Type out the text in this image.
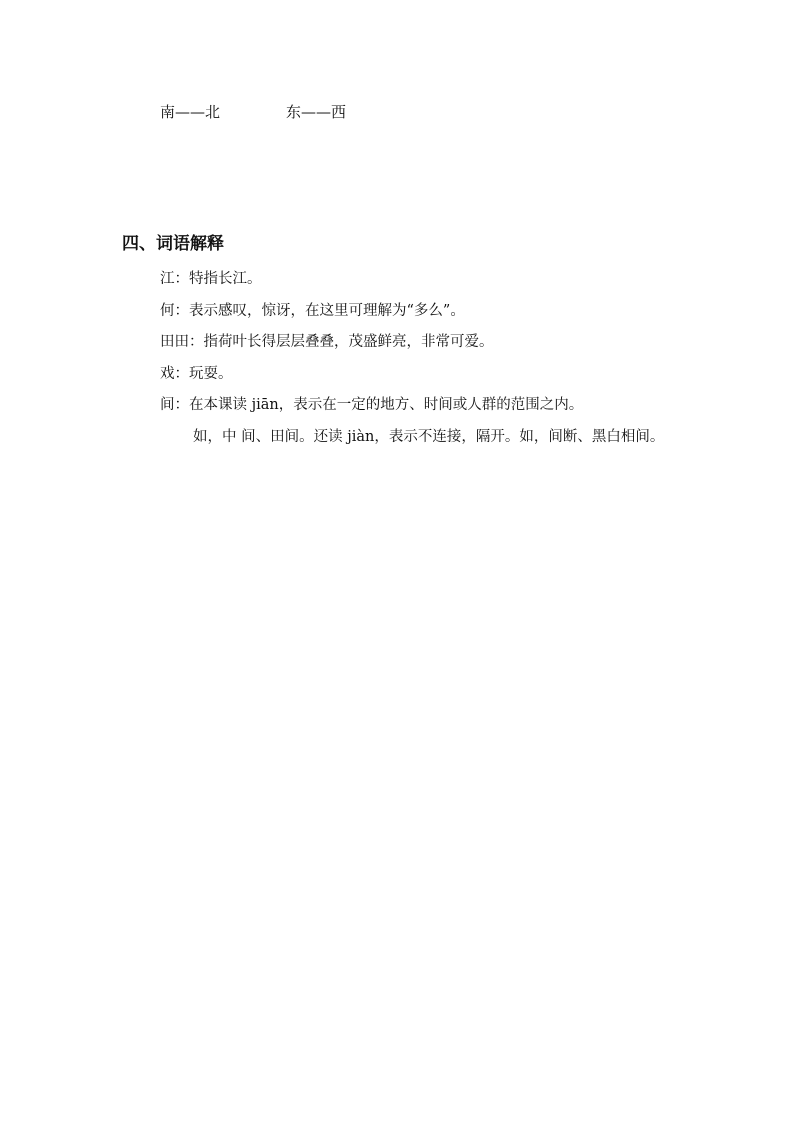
南——北	东——西
四、词语解释
江：特指长江。
何：表示感叹，惊讶，在这里可理解为“多么”。
田田：指荷叶长得层层叠叠，茂盛鲜亮，非常可爱。
戏：玩耍。
间：在本课读 jiān，表示在一定的地方、时间或人群的范围之内。
如，中 间、田间。还读 jiàn，表示不连接，隔开。如，间断、黑白相间。
